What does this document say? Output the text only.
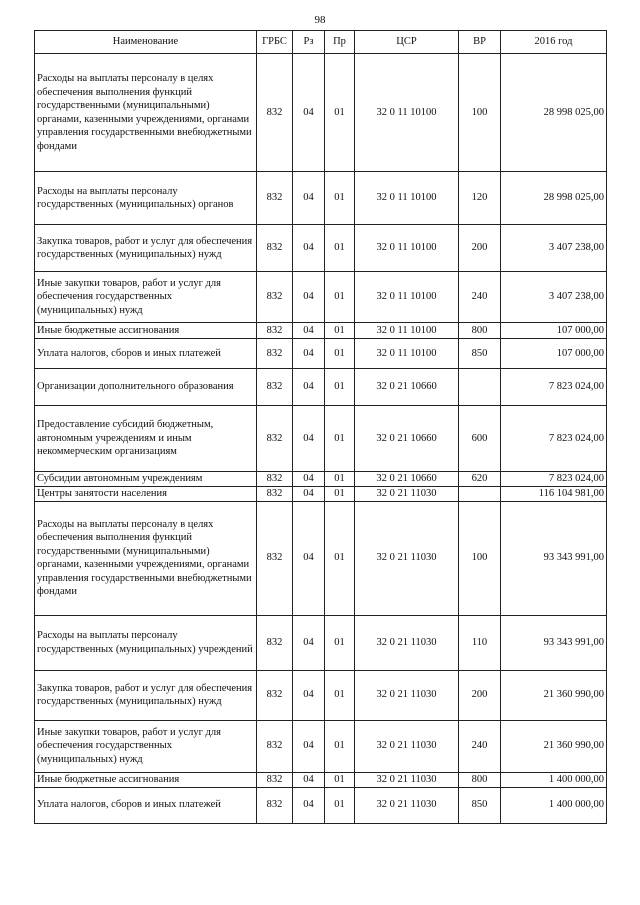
98
Наименование	ГРБС	Рз	Пр	ЦСР	ВР	2016 год
Расходы на выплаты персоналу в целях обеспечения выполнения функций государственными (муниципальными) органами, казенными учреждениями, органами управления государственными внебюджетными фондами	832	04	01	32 0 11 10100	100	28 998 025,00
Расходы на выплаты персоналу государственных (муниципальных) органов	832	04	01	32 0 11 10100	120	28 998 025,00
Закупка товаров, работ и услуг для обеспечения государственных (муниципальных) нужд	832	04	01	32 0 11 10100	200	3 407 238,00
Иные закупки товаров, работ и услуг для обеспечения государственных (муниципальных) нужд	832	04	01	32 0 11 10100	240	3 407 238,00
Иные бюджетные ассигнования	832	04	01	32 0 11 10100	800	107 000,00
Уплата налогов, сборов и иных платежей	832	04	01	32 0 11 10100	850	107 000,00
Организации дополнительного образования	832	04	01	32 0 21 10660		7 823 024,00
Предоставление субсидий бюджетным, автономным учреждениям и иным некоммерческим организациям	832	04	01	32 0 21 10660	600	7 823 024,00
Субсидии автономным учреждениям	832	04	01	32 0 21 10660	620	7 823 024,00
Центры занятости населения	832	04	01	32 0 21 11030		116 104 981,00
Расходы на выплаты персоналу в целях обеспечения выполнения функций государственными (муниципальными) органами, казенными учреждениями, органами управления государственными внебюджетными фондами	832	04	01	32 0 21 11030	100	93 343 991,00
Расходы на выплаты персоналу государственных (муниципальных) учреждений	832	04	01	32 0 21 11030	110	93 343 991,00
Закупка товаров, работ и услуг для обеспечения государственных (муниципальных) нужд	832	04	01	32 0 21 11030	200	21 360 990,00
Иные закупки товаров, работ и услуг для обеспечения государственных (муниципальных) нужд	832	04	01	32 0 21 11030	240	21 360 990,00
Иные бюджетные ассигнования	832	04	01	32 0 21 11030	800	1 400 000,00
Уплата налогов, сборов и иных платежей	832	04	01	32 0 21 11030	850	1 400 000,00
